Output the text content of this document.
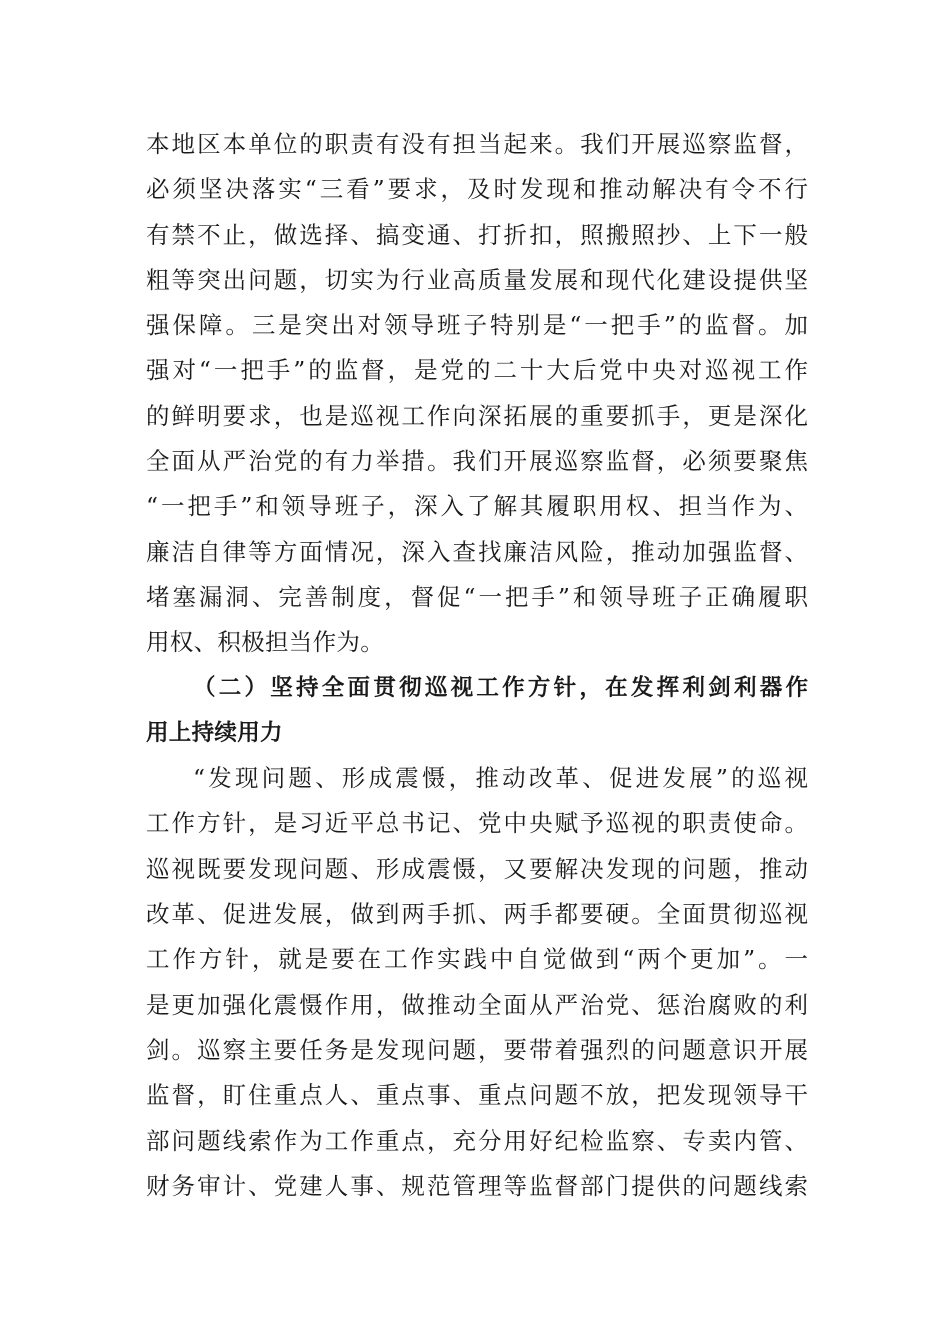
本地区本单位的职责有没有担当起来。我们开展巡察监督，
必须坚决落实“三看”要求，及时发现和推动解决有令不行
有禁不止，做选择、搞变通、打折扣，照搬照抄、上下一般
粗等突出问题，切实为行业高质量发展和现代化建设提供坚
强保障。三是突出对领导班子特别是“一把手”的监督。加
强对“一把手”的监督，是党的二十大后党中央对巡视工作
的鲜明要求，也是巡视工作向深拓展的重要抓手，更是深化
全面从严治党的有力举措。我们开展巡察监督，必须要聚焦
“一把手”和领导班子，深入了解其履职用权、担当作为、
廉洁自律等方面情况，深入查找廉洁风险，推动加强监督、
堵塞漏洞、完善制度，督促“一把手”和领导班子正确履职
用权、积极担当作为。
（二）坚持全面贯彻巡视工作方针，在发挥利剑利器作
用上持续用力
“发现问题、形成震慑，推动改革、促进发展”的巡视
工作方针，是习近平总书记、党中央赋予巡视的职责使命。
巡视既要发现问题、形成震慑，又要解决发现的问题，推动
改革、促进发展，做到两手抓、两手都要硬。全面贯彻巡视
工作方针，就是要在工作实践中自觉做到“两个更加”。一
是更加强化震慑作用，做推动全面从严治党、惩治腐败的利
剑。巡察主要任务是发现问题，要带着强烈的问题意识开展
监督，盯住重点人、重点事、重点问题不放，把发现领导干
部问题线索作为工作重点，充分用好纪检监察、专卖内管、
财务审计、党建人事、规范管理等监督部门提供的问题线索
